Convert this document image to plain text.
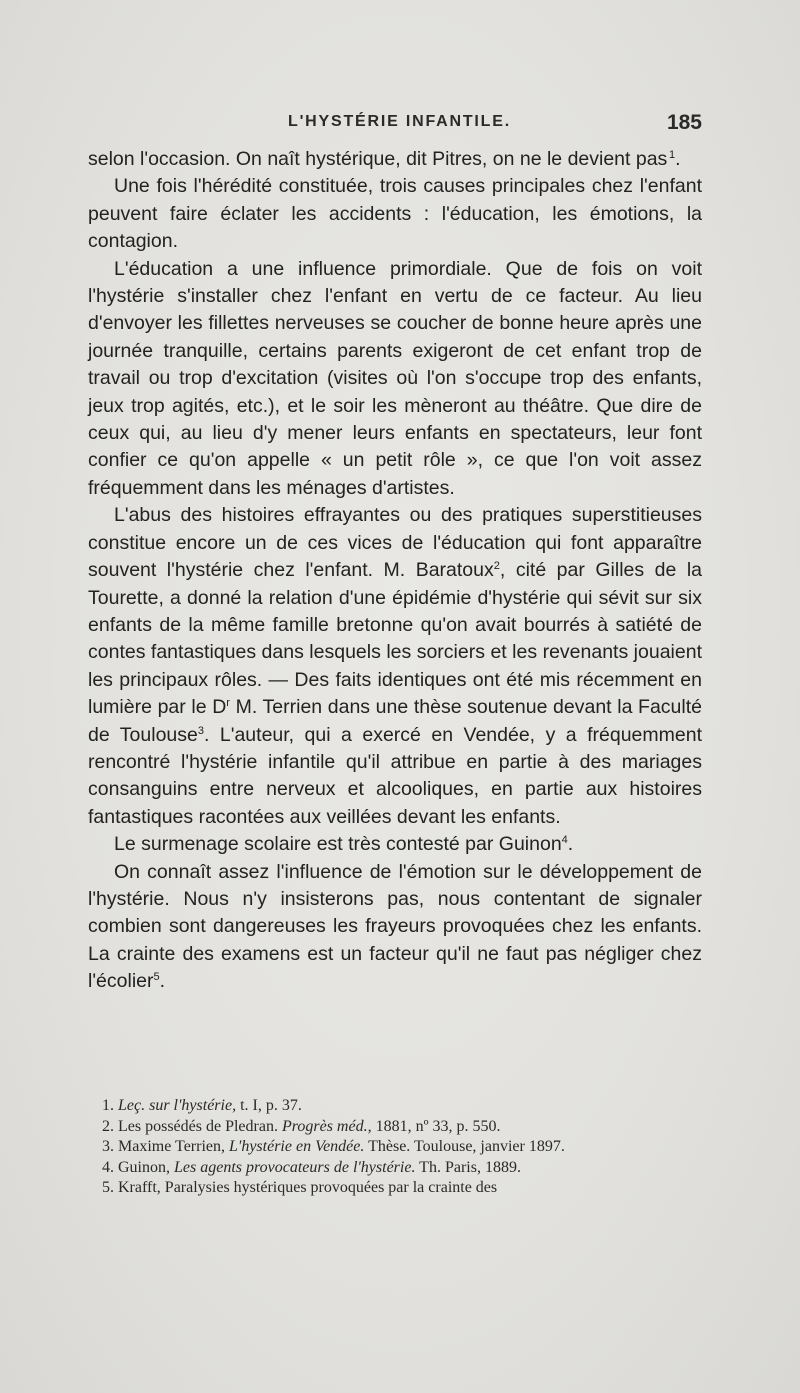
L'HYSTÉRIE INFANTILE.	185

selon l'occasion. On naît hystérique, dit Pitres, on ne le devient pas  $^1$.

Une fois l'hérédité constituée, trois causes principales chez l'enfant peuvent faire éclater les accidents : l'éducation, les émotions, la contagion.

L'éducation a une influence primordiale. Que de fois on voit l'hystérie s'installer chez l'enfant en vertu de ce facteur. Au lieu d'envoyer les fillettes nerveuses se coucher de bonne heure après une journée tranquille, certains parents exigeront de cet enfant trop de travail ou trop d'excitation (visites où l'on s'occupe trop des enfants, jeux trop agités, etc.), et le soir les mèneront au théâtre. Que dire de ceux qui, au lieu d'y mener leurs enfants en spectateurs, leur font confier ce qu'on appelle « un petit rôle », ce que l'on voit assez fréquemment dans les ménages d'artistes.

L'abus des histoires effrayantes ou des pratiques superstitieuses constitue encore un de ces vices de l'éducation qui font apparaître souvent l'hystérie chez l'enfant. M. Baratoux$^2$, cité par Gilles de la Tourette, a donné la relation d'une épidémie d'hystérie qui sévit sur six enfants de la même famille bretonne qu'on avait bourrés à satiété de contes fantastiques dans lesquels les sorciers et les revenants jouaient les principaux rôles. — Des faits identiques ont été mis récemment en lumière par le $D^r$ M. Terrien dans une thèse soutenue devant la Faculté de Toulouse$^3$. L'auteur, qui a exercé en Vendée, y a fréquemment rencontré l'hystérie infantile qu'il attribue en partie à des mariages consanguins entre nerveux et alcooliques, en partie aux histoires fantastiques racontées aux veillées devant les enfants.

Le surmenage scolaire est très contesté par Guinon$^4$.

On connaît assez l'influence de l'émotion sur le développement de l'hystérie. Nous n'y insisterons pas, nous contentant de signaler combien sont dangereuses les frayeurs provoquées chez les enfants. La crainte des examens est un facteur qu'il ne faut pas négliger chez l'écolier$^5$.

1. Leç. sur l'hystérie, t. I, p. 37.

2. Les possédés de Pledran. Progrès méd., 1881, nº 33, p. 550.

3. Maxime Terrien, L'hystérie en Vendée. Thèse. Toulouse, janvier 1897.

4. Guinon, Les agents provocateurs de l'hystérie. Th. Paris, 1889.

5. Krafft, Paralysies hystériques provoquées par la crainte des
